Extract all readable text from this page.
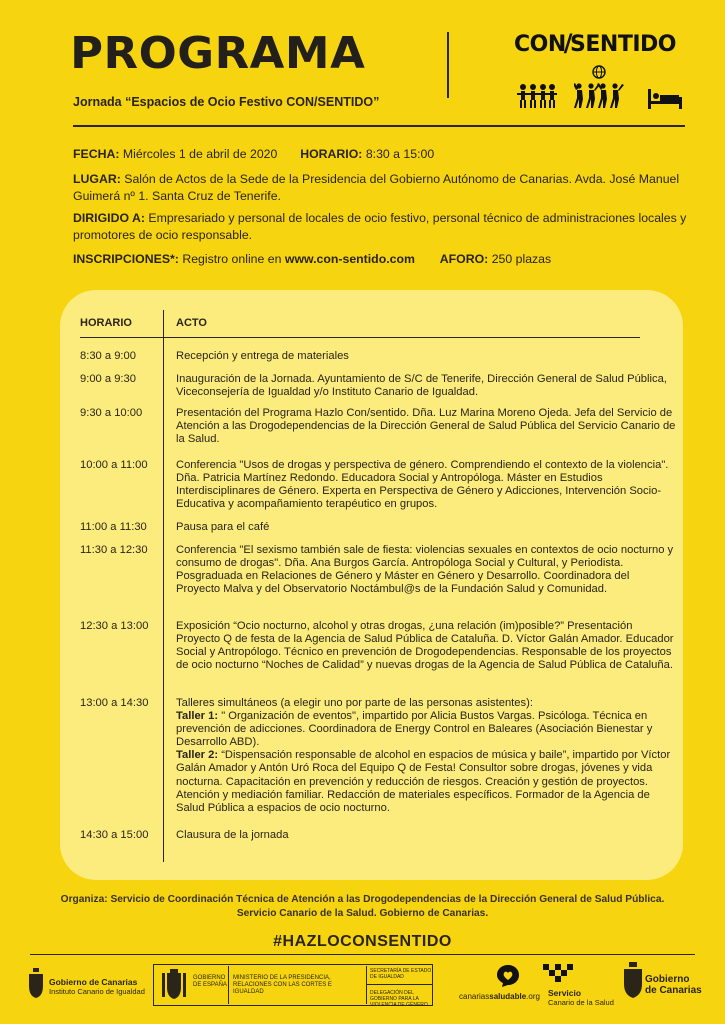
PROGRAMA
Jornada “Espacios de Ocio Festivo CON/SENTIDO”
CON/SENTIDO
FECHA: Miércoles 1 de abril de 2020 HORARIO: 8:30 a 15:00
LUGAR: Salón de Actos de la Sede de la Presidencia del Gobierno Autónomo de Canarias. Avda. José Manuel Guimerá nº 1. Santa Cruz de Tenerife.
DIRIGIDO A: Empresariado y personal de locales de ocio festivo, personal técnico de administraciones locales y promotores de ocio responsable.
INSCRIPCIONES*: Registro online en www.con-sentido.com AFORO: 250 plazas
HORARIO	ACTO
8:30 a 9:00	Recepción y entrega de materiales
9:00 a 9:30	Inauguración de la Jornada. Ayuntamiento de S/C de Tenerife, Dirección General de Salud Pública, Viceconsejería de Igualdad y/o Instituto Canario de Igualdad.
9:30 a 10:00	Presentación del Programa Hazlo Con/sentido. Dña. Luz Marina Moreno Ojeda. Jefa del Servicio de Atención a las Drogodependencias de la Dirección General de Salud Pública del Servicio Canario de la Salud.
10:00 a 11:00	Conferencia "Usos de drogas y perspectiva de género. Comprendiendo el contexto de la violencia". Dña. Patricia Martínez Redondo. Educadora Social y Antropóloga. Máster en Estudios Interdisciplinares de Género. Experta en Perspectiva de Género y Adicciones, Intervención Socio-Educativa y acompañamiento terapéutico en grupos.
11:00 a 11:30	Pausa para el café
11:30 a 12:30	Conferencia "El sexismo también sale de fiesta: violencias sexuales en contextos de ocio nocturno y consumo de drogas". Dña. Ana Burgos García. Antropóloga Social y Cultural, y Periodista. Posgraduada en Relaciones de Género y Máster en Género y Desarrollo. Coordinadora del Proyecto Malva y del Observatorio Noctámbul@s de la Fundación Salud y Comunidad.
12:30 a 13:00	Exposición “Ocio nocturno, alcohol y otras drogas, ¿una relación (im)posible?” Presentación Proyecto Q de festa de la Agencia de Salud Pública de Cataluña. D. Víctor Galán Amador. Educador Social y Antropólogo. Técnico en prevención de Drogodependencias. Responsable de los proyectos de ocio nocturno “Noches de Calidad” y nuevas drogas de la Agencia de Salud Pública de Cataluña.
13:00 a 14:30	Talleres simultáneos (a elegir uno por parte de las personas asistentes):

Taller 1: " Organización de eventos", impartido por Alicia Bustos Vargas. Psicóloga. Técnica en prevención de adicciones. Coordinadora de Energy Control en Baleares (Asociación Bienestar y Desarrollo ABD).

Taller 2: “Dispensación responsable de alcohol en espacios de música y baile”, impartido por Víctor Galán Amador y Antón Uró Roca del Equipo Q de Festa! Consultor sobre drogas, jóvenes y vida nocturna. Capacitación en prevención y reducción de riesgos. Creación y gestión de proyectos. Atención y mediación familiar. Redacción de materiales específicos. Formador de la Agencia de Salud Pública a espacios de ocio nocturno.

14:30 a 15:00	Clausura de la jornada
Organiza: Servicio de Coordinación Técnica de Atención a las Drogodependencias de la Dirección General de Salud Pública.
Servicio Canario de la Salud. Gobierno de Canarias.
#HAZLOCONSENTIDO
Gobierno de Canarias
Instituto Canario de Igualdad
GOBIERNO DE ESPAÑA
MINISTERIO DE LA PRESIDENCIA, RELACIONES CON LAS CORTES E IGUALDAD
SECRETARÍA DE ESTADO DE IGUALDAD
DELEGACIÓN DEL GOBIERNO PARA LA VIOLENCIA DE GÉNERO
canariassaludable.org Servicio
Canario de la Salud
Gobierno
de Canarias
